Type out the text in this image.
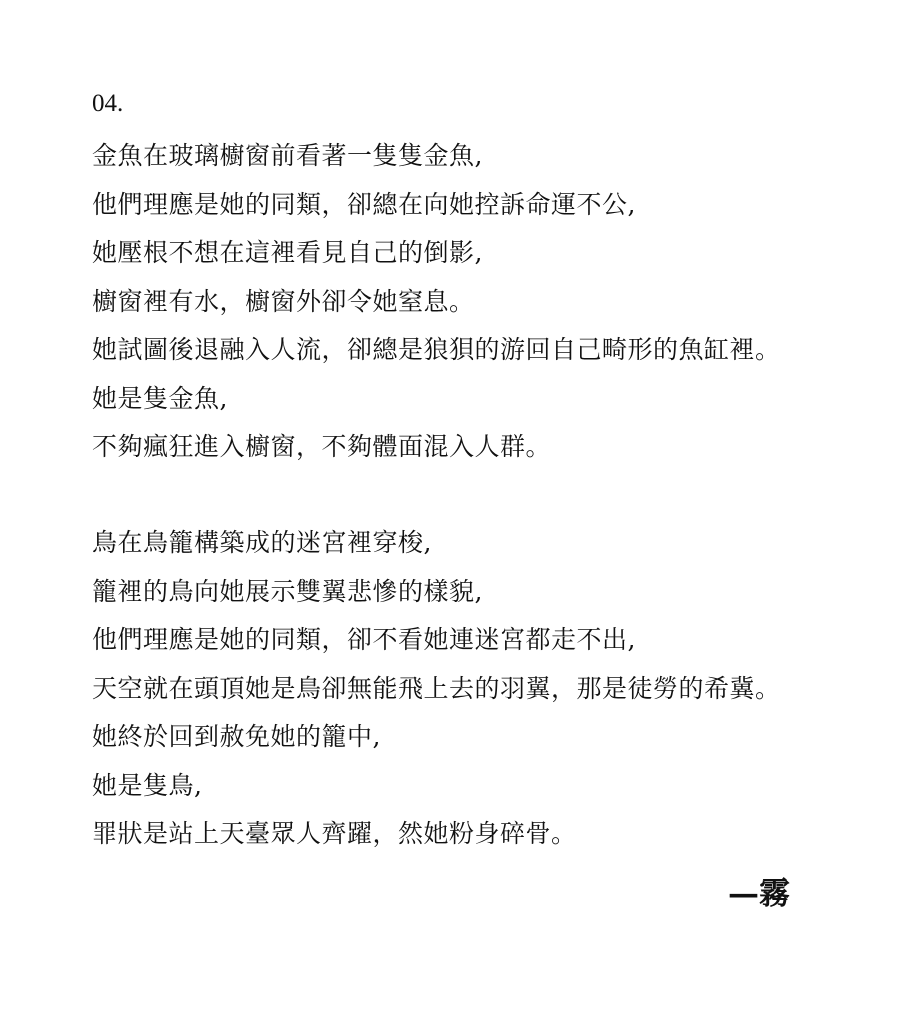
04.
金魚在玻璃櫥窗前看著一隻隻金魚,
他們理應是她的同類，卻總在向她控訴命運不公,
她壓根不想在這裡看見自己的倒影,
櫥窗裡有水，櫥窗外卻令她窒息。
她試圖後退融入人流，卻總是狼狽的游回自己畸形的魚缸裡。
她是隻金魚,
不夠瘋狂進入櫥窗，不夠體面混入人群。
鳥在鳥籠構築成的迷宮裡穿梭,
籠裡的鳥向她展示雙翼悲慘的樣貌,
他們理應是她的同類，卻不看她連迷宮都走不出,
天空就在頭頂她是鳥卻無能飛上去的羽翼，那是徒勞的希冀。
她終於回到赦免她的籠中,
她是隻鳥,
罪狀是站上天臺眾人齊躍，然她粉身碎骨。
—霧
